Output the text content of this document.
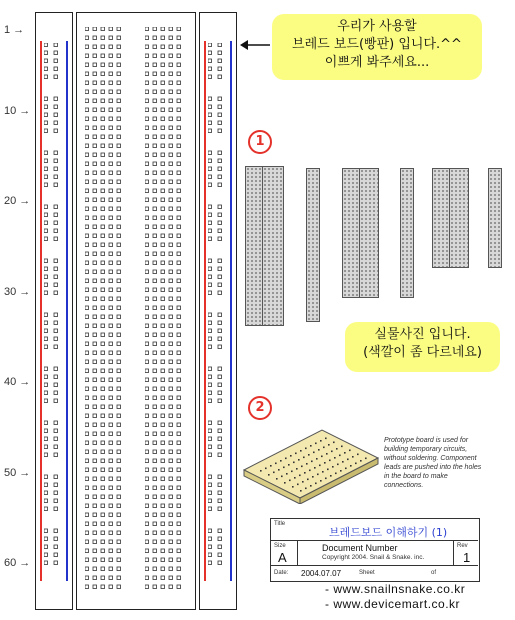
1 →
10 →
20 →
30 →
40 →
50 →
60 →
우리가 사용할
브레드 보드(빵판) 입니다.^^
이쁘게 봐주세요...
1
실물사진 입니다.
(색깔이 좀 다르네요)
2
Prototype board is used for building temporary circuits, without soldering. Component leads are pushed into the holes in the board to make connections.
Title
브레드보드 이해하기 (1)
Size
A
Document Number
Copyright 2004. Snail & Snake. inc.
Rev
1
Date: 2004.07.07	Sheet	of
- www.snailnsnake.co.kr
- www.devicemart.co.kr
